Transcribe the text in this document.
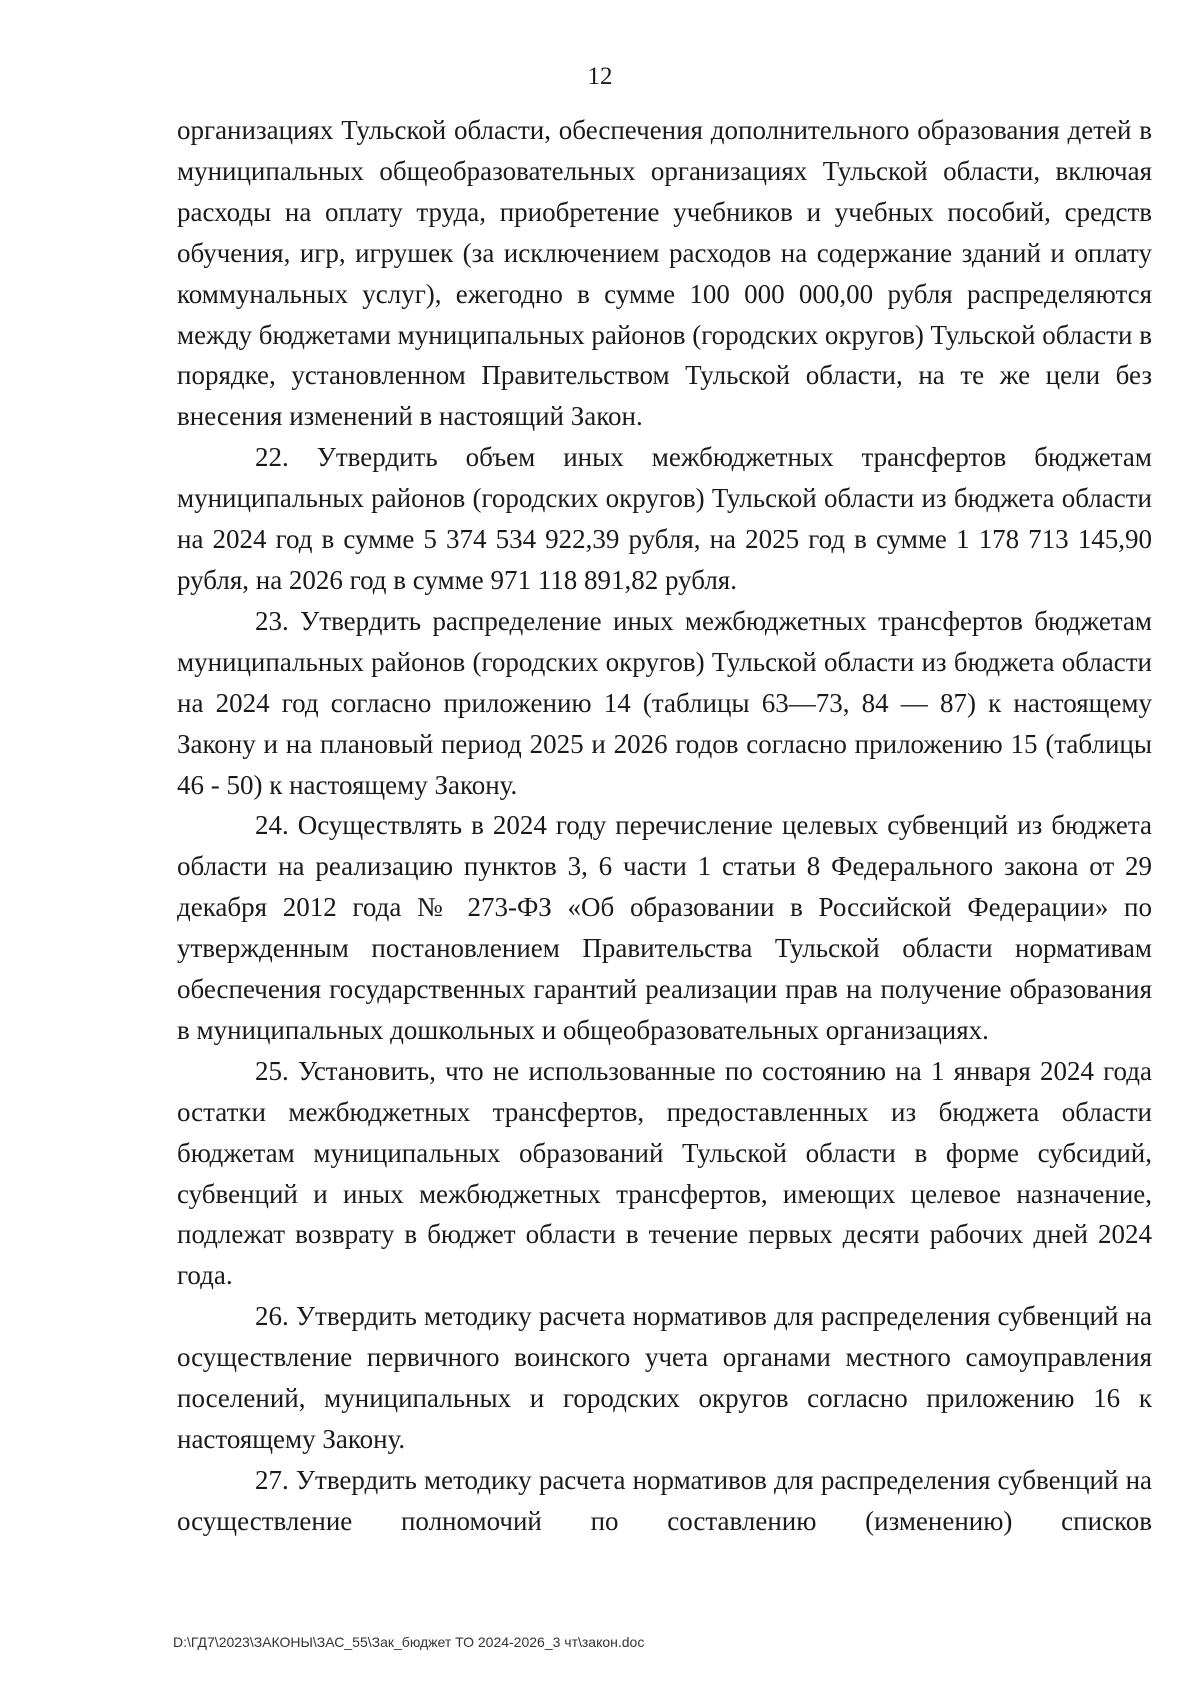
12

организациях Тульской области, обеспечения дополнительного образования детей в муниципальных общеобразовательных организациях Тульской области, включая расходы на оплату труда, приобретение учебников и учебных пособий, средств обучения, игр, игрушек (за исключением расходов на содержание зданий и оплату коммунальных услуг), ежегодно в сумме 100 000 000,00 рубля распределяются между бюджетами муниципальных районов (городских округов) Тульской области в порядке, установленном Правительством Тульской области, на те же цели без внесения изменений в настоящий Закон.

22. Утвердить объем иных межбюджетных трансфертов бюджетам муниципальных районов (городских округов) Тульской области из бюджета области на 2024 год в сумме 5 374 534 922,39 рубля, на 2025 год в сумме 1 178 713 145,90 рубля, на 2026 год в сумме 971 118 891,82 рубля.

23. Утвердить распределение иных межбюджетных трансфертов бюджетам муниципальных районов (городских округов) Тульской области из бюджета области на 2024 год согласно приложению 14 (таблицы 63—73, 84 — 87) к настоящему Закону и на плановый период 2025 и 2026 годов согласно приложению 15 (таблицы 46 - 50) к настоящему Закону.

24. Осуществлять в 2024 году перечисление целевых субвенций из бюджета области на реализацию пунктов 3, 6 части 1 статьи 8 Федерального закона от 29 декабря 2012 года № 273-ФЗ «Об образовании в Российской Федерации» по утвержденным постановлением Правительства Тульской области нормативам обеспечения государственных гарантий реализации прав на получение образования в муниципальных дошкольных и общеобразовательных организациях.

25. Установить, что не использованные по состоянию на 1 января 2024 года остатки межбюджетных трансфертов, предоставленных из бюджета области бюджетам муниципальных образований Тульской области в форме субсидий, субвенций и иных межбюджетных трансфертов, имеющих целевое назначение, подлежат возврату в бюджет области в течение первых десяти рабочих дней 2024 года.

26. Утвердить методику расчета нормативов для распределения субвенций на осуществление первичного воинского учета органами местного самоуправления поселений, муниципальных и городских округов согласно приложению 16 к настоящему Закону.

27. Утвердить методику расчета нормативов для распределения субвенций на осуществление полномочий по составлению (изменению) списков

D:\ГД7\2023\ЗАКОНЫ\ЗАС_55\Зак_бюджет ТО 2024-2026_3 чт\закон.doc
